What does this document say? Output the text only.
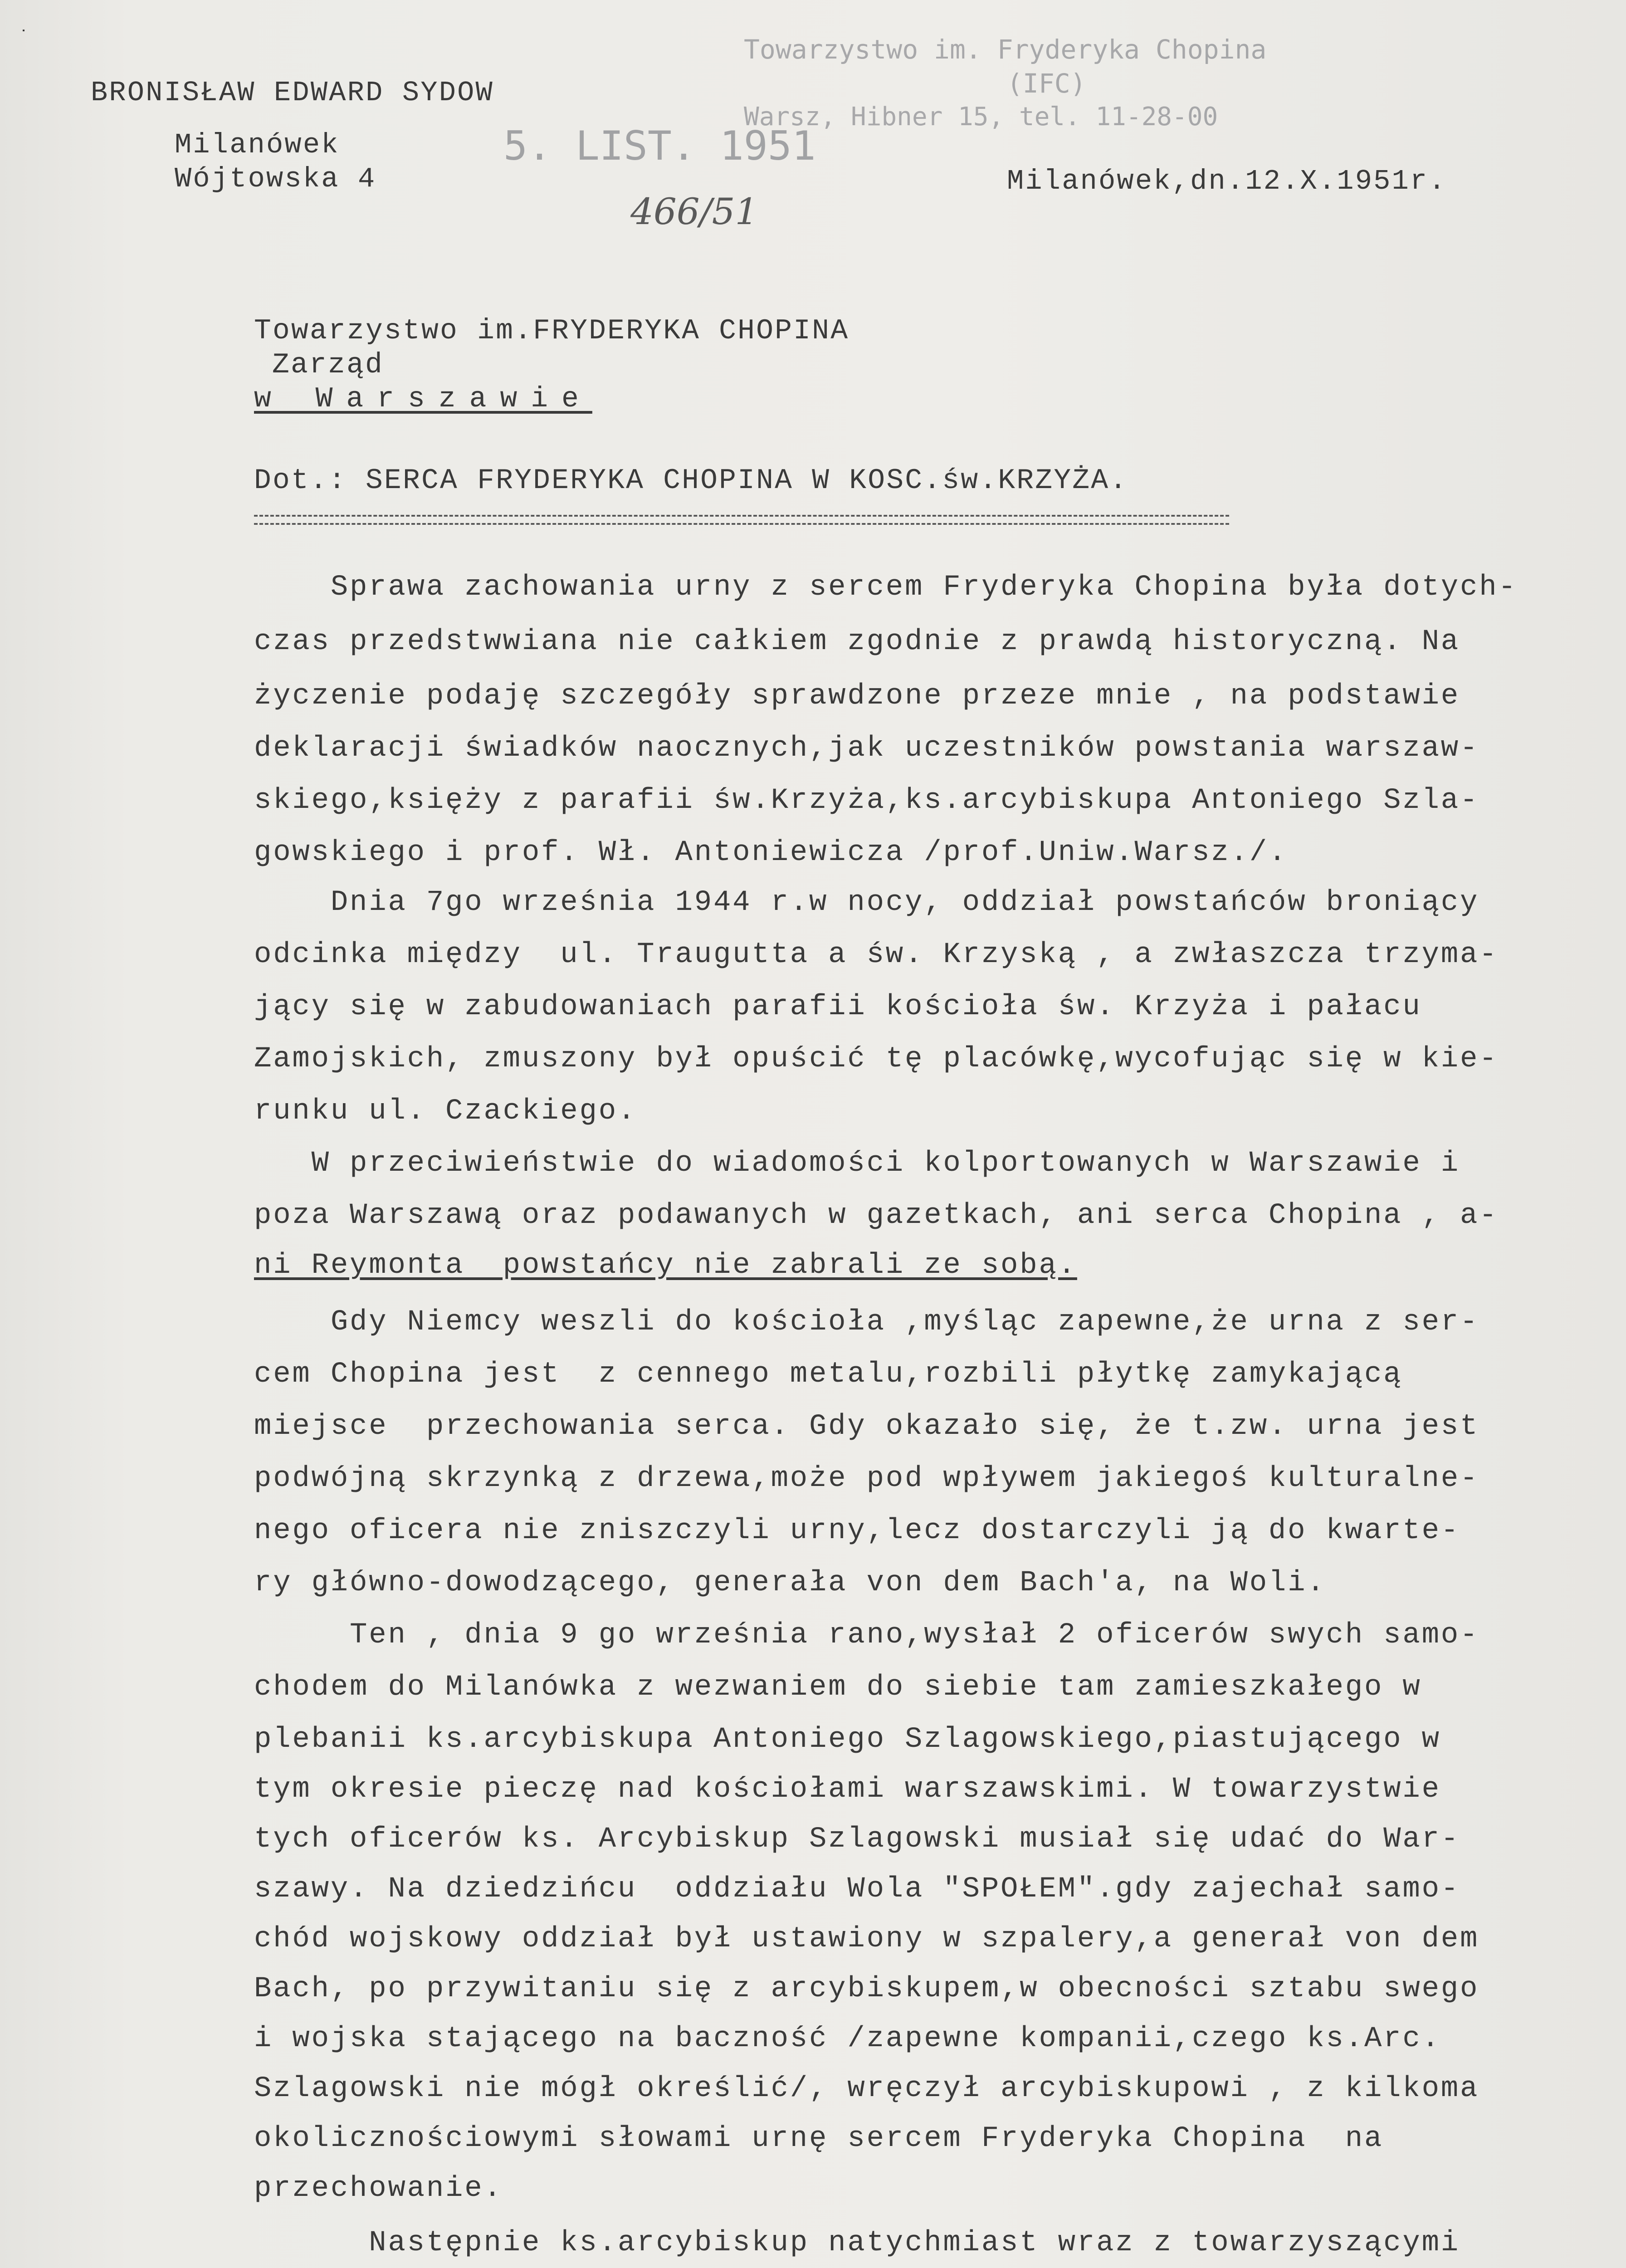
˙
BRONISŁAW EDWARD SYDOW
Milanówek
Wójtowska 4
Towarzystwo im. Fryderyka Chopina
(IFC)
Warsz, Hibner 15, tel. 11-28-00
5. LIST. 1951
466/51
Milanówek,dn.12.X.1951r.
Towarzystwo im.FRYDERYKA CHOPINA
Zarząd
w Warszawie
Dot.: SERCA FRYDERYKA CHOPINA W KOSC.św.KRZYŻA.
Sprawa zachowania urny z sercem Fryderyka Chopina była dotych-
czas przedstwwiana nie całkiem zgodnie z prawdą historyczną. Na
życzenie podaję szczegóły sprawdzone przeze mnie , na podstawie
deklaracji świadków naocznych,jak uczestników powstania warszaw-
skiego,księży z parafii św.Krzyża,ks.arcybiskupa Antoniego Szla-
gowskiego i prof. Wł. Antoniewicza /prof.Uniw.Warsz./.
Dnia 7go września 1944 r.w nocy, oddział powstańców broniący
odcinka między  ul. Traugutta a św. Krzyską , a zwłaszcza trzyma-
jący się w zabudowaniach parafii kościoła św. Krzyża i pałacu
Zamojskich, zmuszony był opuścić tę placówkę,wycofując się w kie-
runku ul. Czackiego.
W przeciwieństwie do wiadomości kolportowanych w Warszawie i
poza Warszawą oraz podawanych w gazetkach, ani serca Chopina , a-
ni Reymonta  powstańcy nie zabrali ze sobą.
Gdy Niemcy weszli do kościoła ,myśląc zapewne,że urna z ser-
cem Chopina jest  z cennego metalu,rozbili płytkę zamykającą
miejsce  przechowania serca. Gdy okazało się, że t.zw. urna jest
podwójną skrzynką z drzewa,może pod wpływem jakiegoś kulturalne-
nego oficera nie zniszczyli urny,lecz dostarczyli ją do kwarte-
ry główno-dowodzącego, generała von dem Bach'a, na Woli.
Ten , dnia 9 go września rano,wysłał 2 oficerów swych samo-
chodem do Milanówka z wezwaniem do siebie tam zamieszkałego w
plebanii ks.arcybiskupa Antoniego Szlagowskiego,piastującego w
tym okresie pieczę nad kościołami warszawskimi. W towarzystwie
tych oficerów ks. Arcybiskup Szlagowski musiał się udać do War-
szawy. Na dziedzińcu  oddziału Wola "SPOŁEM".gdy zajechał samo-
chód wojskowy oddział był ustawiony w szpalery,a generał von dem
Bach, po przywitaniu się z arcybiskupem,w obecności sztabu swego
i wojska stającego na baczność /zapewne kompanii,czego ks.Arc.
Szlagowski nie mógł określić/, wręczył arcybiskupowi , z kilkoma
okolicznościowymi słowami urnę sercem Fryderyka Chopina  na
przechowanie.
Następnie ks.arcybiskup natychmiast wraz z towarzyszącymi
